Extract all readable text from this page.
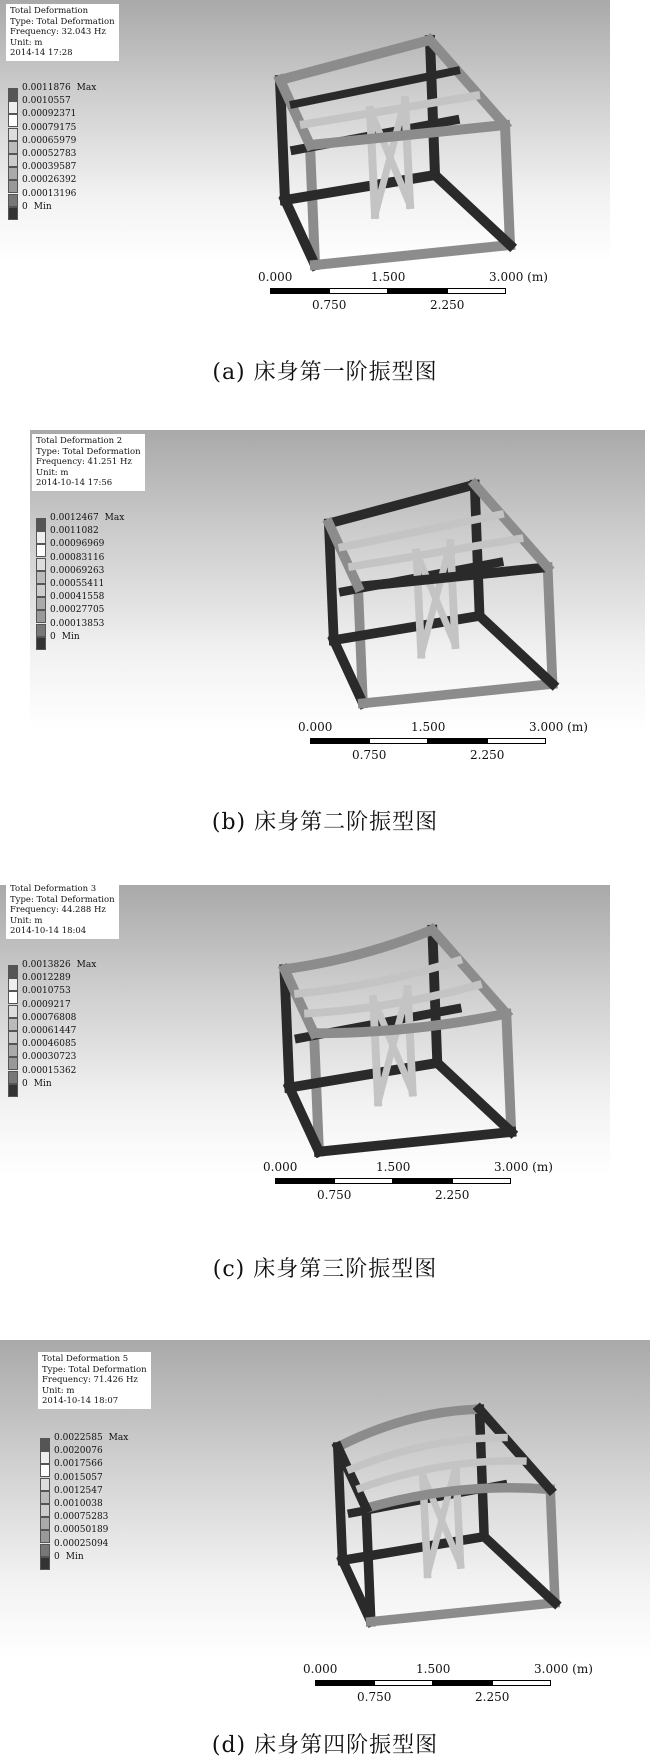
Total Deformation
Type: Total Deformation
Frequency: 32.043 Hz
Unit: m
2014-14 17:28
0.0011876 Max
0.0010557
0.00092371
0.00079175
0.00065979
0.00052783
0.00039587
0.00026392
0.00013196
0 Min
0.000	1.500	3.000 (m)
0.750	2.250
(a) 床身第一阶振型图
Total Deformation 2
Type: Total Deformation
Frequency: 41.251 Hz
Unit: m
2014-10-14 17:56
0.0012467 Max
0.0011082
0.00096969
0.00083116
0.00069263
0.00055411
0.00041558
0.00027705
0.00013853
0 Min
0.000	1.500	3.000 (m)
0.750	2.250
(b) 床身第二阶振型图
Total Deformation 3
Type: Total Deformation
Frequency: 44.288 Hz
Unit: m
2014-10-14 18:04
0.0013826 Max
0.0012289
0.0010753
0.0009217
0.00076808
0.00061447
0.00046085
0.00030723
0.00015362
0 Min
0.000	1.500	3.000 (m)
0.750	2.250
(c) 床身第三阶振型图
Total Deformation 5
Type: Total Deformation
Frequency: 71.426 Hz
Unit: m
2014-10-14 18:07
0.0022585 Max
0.0020076
0.0017566
0.0015057
0.0012547
0.0010038
0.00075283
0.00050189
0.00025094
0 Min
0.000	1.500	3.000 (m)
0.750	2.250
(d) 床身第四阶振型图
